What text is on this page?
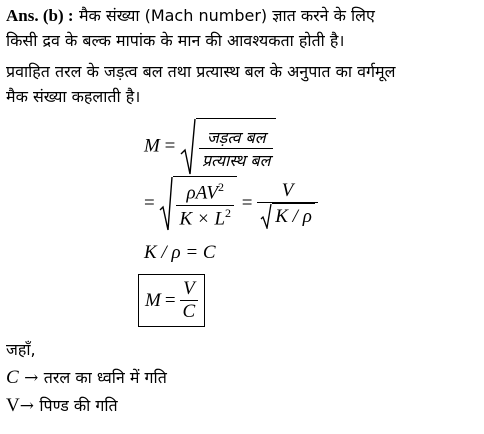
Ans. (b) : मैक संख्या (Mach number) ज्ञात करने के लिए
किसी द्रव के बल्क मापांक के मान की आवश्यकता होती है।
प्रवाहित तरल के जड़त्व बल तथा प्रत्यास्थ बल के अनुपात का वर्गमूल
मैक संख्या कहलाती है।
$M = \frac{\text{जड़त्व बल}}{\text{प्रत्यास्थ बल}}$
= $\frac{\rho AV^2}{K \times L^2} = \frac{V}{K / \rho}$
K / ρ = C
$M = \frac{V}{C}$
जहाँ,
C → तरल का ध्वनि में गति
V→ पिण्ड की गति
